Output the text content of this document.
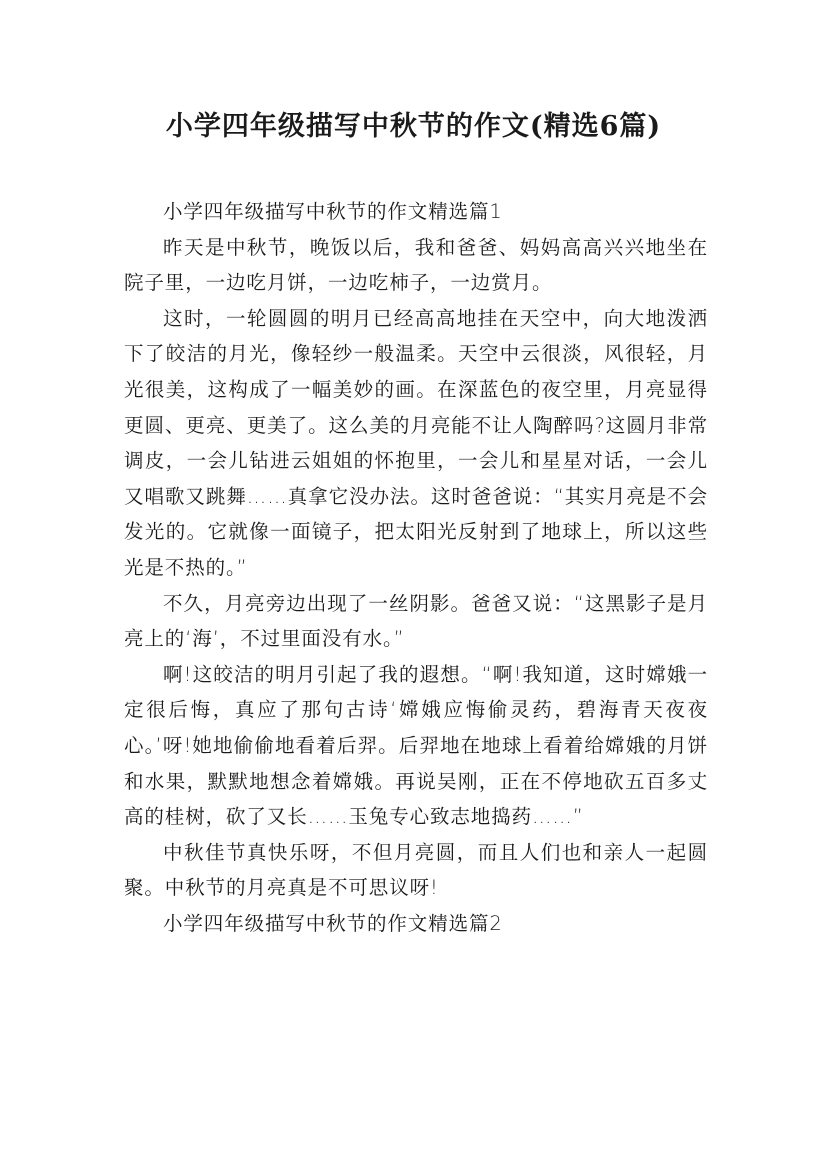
小学四年级描写中秋节的作文(精选6篇)

小学四年级描写中秋节的作文精选篇1

昨天是中秋节，晚饭以后，我和爸爸、妈妈高高兴兴地坐在院子里，一边吃月饼，一边吃柿子，一边赏月。

这时，一轮圆圆的明月已经高高地挂在天空中，向大地泼洒下了皎洁的月光，像轻纱一般温柔。天空中云很淡，风很轻，月光很美，这构成了一幅美妙的画。在深蓝色的夜空里，月亮显得更圆、更亮、更美了。这么美的月亮能不让人陶醉吗?这圆月非常调皮，一会儿钻进云姐姐的怀抱里，一会儿和星星对话，一会儿又唱歌又跳舞……真拿它没办法。这时爸爸说：“其实月亮是不会发光的。它就像一面镜子，把太阳光反射到了地球上，所以这些光是不热的。”

不久，月亮旁边出现了一丝阴影。爸爸又说：“这黑影子是月亮上的‘海’，不过里面没有水。”

啊!这皎洁的明月引起了我的遐想。“啊!我知道，这时嫦娥一定很后悔，真应了那句古诗‘嫦娥应悔偷灵药，碧海青天夜夜心。’呀!她地偷偷地看着后羿。后羿地在地球上看着给嫦娥的月饼和水果，默默地想念着嫦娥。再说吴刚，正在不停地砍五百多丈高的桂树，砍了又长……玉兔专心致志地捣药……”

中秋佳节真快乐呀，不但月亮圆，而且人们也和亲人一起圆聚。中秋节的月亮真是不可思议呀!

小学四年级描写中秋节的作文精选篇2
